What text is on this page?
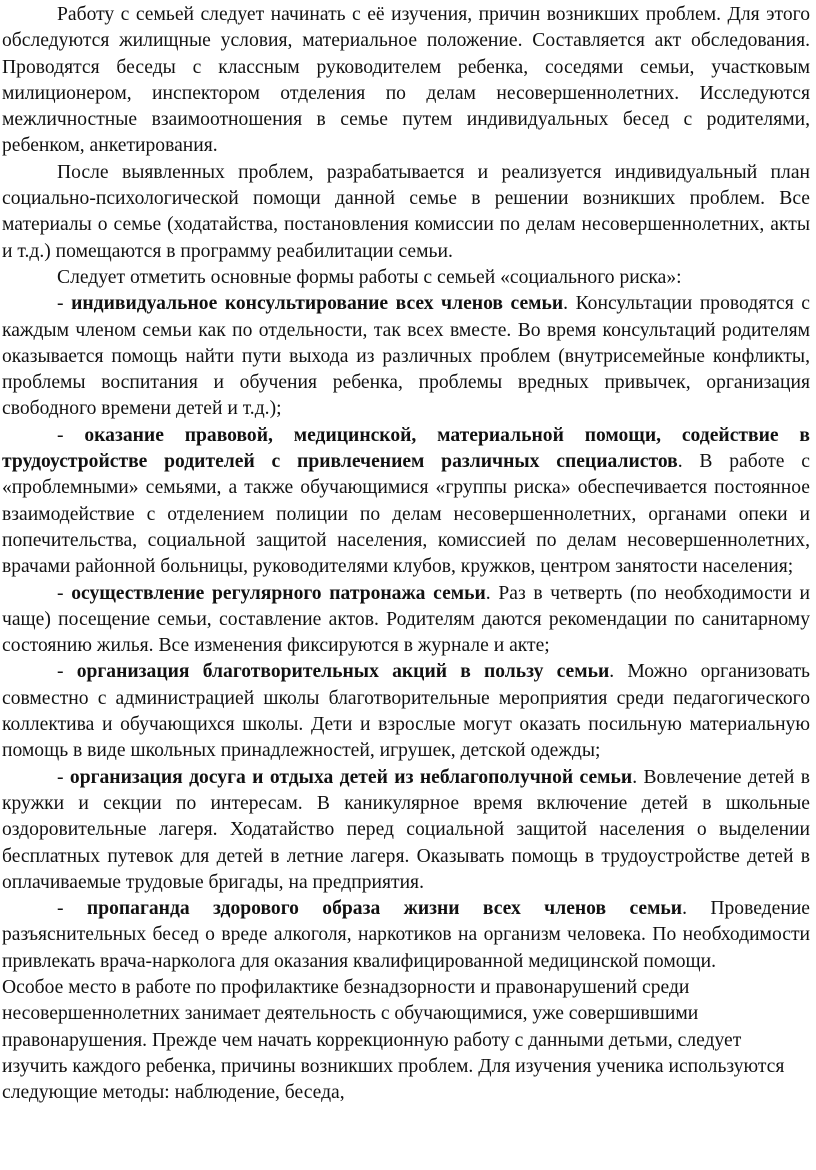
Работу с семьей следует начинать с её изучения, причин возникших проблем. Для этого обследуются жилищные условия, материальное положение. Составляется акт обследования. Проводятся беседы с классным руководителем ребенка, соседями семьи, участковым милиционером, инспектором отделения по делам несовершеннолетних. Исследуются межличностные взаимоотношения в семье путем индивидуальных бесед с родителями, ребенком, анкетирования.

После выявленных проблем, разрабатывается и реализуется индивидуальный план социально-психологической помощи данной семье в решении возникших проблем. Все материалы о семье (ходатайства, постановления комиссии по делам несовершеннолетних, акты и т.д.) помещаются в программу реабилитации семьи.

Следует отметить основные формы работы с семьей «социального риска»:

- индивидуальное консультирование всех членов семьи. Консультации проводятся с каждым членом семьи как по отдельности, так всех вместе. Во время консультаций родителям оказывается помощь найти пути выхода из различных проблем (внутрисемейные конфликты, проблемы воспитания и обучения ребенка, проблемы вредных привычек, организация свободного времени детей и т.д.);

- оказание правовой, медицинской, материальной помощи, содействие в трудоустройстве родителей с привлечением различных специалистов. В работе с «проблемными» семьями, а также обучающимися «группы риска» обеспечивается постоянное взаимодействие с отделением полиции по делам несовершеннолетних, органами опеки и попечительства, социальной защитой населения, комиссией по делам несовершеннолетних, врачами районной больницы, руководителями клубов, кружков, центром занятости населения;

- осуществление регулярного патронажа семьи. Раз в четверть (по необходимости и чаще) посещение семьи, составление актов. Родителям даются рекомендации по санитарному состоянию жилья. Все изменения фиксируются в журнале и акте;

- организация благотворительных акций в пользу семьи. Можно организовать совместно с администрацией школы благотворительные мероприятия среди педагогического коллектива и обучающихся школы. Дети и взрослые могут оказать посильную материальную помощь в виде школьных принадлежностей, игрушек, детской одежды;

- организация досуга и отдыха детей из неблагополучной семьи. Вовлечение детей в кружки и секции по интересам. В каникулярное время включение детей в школьные оздоровительные лагеря. Ходатайство перед социальной защитой населения о выделении бесплатных путевок для детей в летние лагеря. Оказывать помощь в трудоустройстве детей в оплачиваемые трудовые бригады, на предприятия.

- пропаганда здорового образа жизни всех членов семьи. Проведение разъяснительных бесед о вреде алкоголя, наркотиков на организм человека. По необходимости привлекать врача-нарколога для оказания квалифицированной медицинской помощи.

Особое место в работе по профилактике безнадзорности и правонарушений среди несовершеннолетних занимает деятельность с обучающимися, уже совершившими правонарушения. Прежде чем начать коррекционную работу с данными детьми, следует изучить каждого ребенка, причины возникших проблем. Для изучения ученика используются следующие методы: наблюдение, беседа,
